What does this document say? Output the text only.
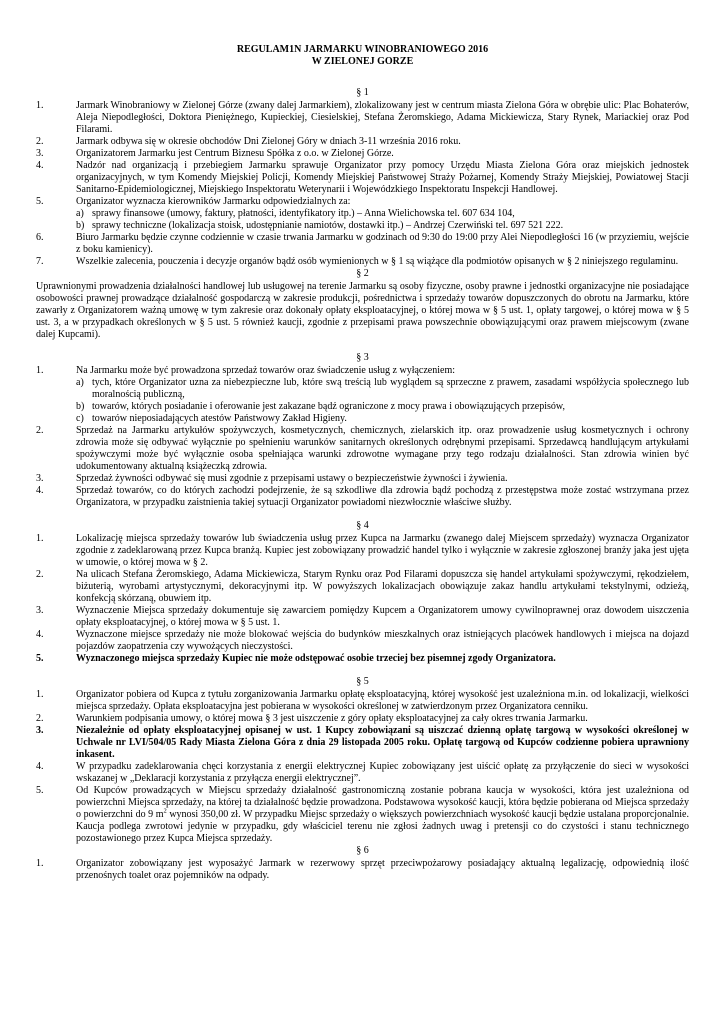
REGULAM1N JARMARKU WINOBRANIOWEGO 2016
W ZIELONEJ GORZE
§ 1
1.	Jarmark Winobraniowy w Zielonej Górze (zwany dalej Jarmarkiem), zlokalizowany jest w centrum miasta Zielona Góra w obrębie ulic: Plac Bohaterów, Aleja Niepodległości, Doktora Pieniężnego, Kupieckiej, Ciesielskiej, Stefana Żeromskiego, Adama Mickiewicza, Stary Rynek, Mariackiej oraz Pod Filarami.
2.	Jarmark odbywa się w okresie obchodów Dni Zielonej Góry w dniach 3-11 września 2016 roku.
3.	Organizatorem Jarmarku jest Centrum Biznesu Spółka z o.o. w Zielonej Górze.
4.	Nadzór nad organizacją i przebiegiem Jarmarku sprawuje Organizator przy pomocy Urzędu Miasta Zielona Góra oraz miejskich jednostek organizacyjnych, w tym Komendy Miejskiej Policji, Komendy Miejskiej Państwowej Straży Pożarnej, Komendy Straży Miejskiej, Powiatowej Stacji Sanitarno-Epidemiologicznej, Miejskiego Inspektoratu Weterynarii i Wojewódzkiego Inspektoratu Inspekcji Handlowej.
5.	Organizator wyznacza kierowników Jarmarku odpowiedzialnych za:
a) sprawy finansowe (umowy, faktury, płatności, identyfikatory itp.) – Anna Wielichowska tel. 607 634 104,
b) sprawy techniczne (lokalizacja stoisk, udostępnianie namiotów, dostawki itp.) – Andrzej Czerwiński tel. 697 521 222.
6.	Biuro Jarmarku będzie czynne codziennie w czasie trwania Jarmarku w godzinach od 9:30 do 19:00 przy Alei Niepodległości 16 (w przyziemiu, wejście z boku kamienicy).
7.	Wszelkie zalecenia, pouczenia i decyzje organów bądź osób wymienionych w § 1 są wiążące dla podmiotów opisanych w § 2 niniejszego regulaminu.
§ 2

Uprawnionymi prowadzenia działalności handlowej lub usługowej na terenie Jarmarku są osoby fizyczne, osoby prawne i jednostki organizacyjne nie posiadające osobowości prawnej prowadzące działalność gospodarczą w zakresie produkcji, pośrednictwa i sprzedaży towarów dopuszczonych do obrotu na Jarmarku, które zawarły z Organizatorem ważną umowę w tym zakresie oraz dokonały opłaty eksploatacyjnej, o której mowa w § 5 ust. 1, opłaty targowej, o której mowa w § 5 ust. 3, a w przypadkach określonych w § 5 ust. 5 również kaucji, zgodnie z przepisami prawa powszechnie obowiązującymi oraz prawem miejscowym (zwane dalej Kupcami).

§ 3
1.	Na Jarmarku może być prowadzona sprzedaż towarów oraz świadczenie usług z wyłączeniem:
a) tych, które Organizator uzna za niebezpieczne lub, które swą treścią lub wyglądem są sprzeczne z prawem, zasadami współżycia społecznego lub moralnością publiczną,
b) towarów, których posiadanie i oferowanie jest zakazane bądź ograniczone z mocy prawa i obowiązujących przepisów,
c) towarów nieposiadających atestów Państwowy Zakład Higieny.
2.	Sprzedaż na Jarmarku artykułów spożywczych, kosmetycznych, chemicznych, zielarskich itp. oraz prowadzenie usług kosmetycznych i ochrony zdrowia może się odbywać wyłącznie po spełnieniu warunków sanitarnych określonych odrębnymi przepisami. Sprzedawcą handlującym artykułami spożywczymi może być wyłącznie osoba spełniająca warunki zdrowotne wymagane przy tego rodzaju działalności. Stan zdrowia winien być udokumentowany aktualną książeczką zdrowia.
3.	Sprzedaż żywności odbywać się musi zgodnie z przepisami ustawy o bezpieczeństwie żywności i żywienia.
4.	Sprzedaż towarów, co do których zachodzi podejrzenie, że są szkodliwe dla zdrowia bądź pochodzą z przestępstwa może zostać wstrzymana przez Organizatora, w przypadku zaistnienia takiej sytuacji Organizator powiadomi niezwłocznie właściwe służby.
§ 4
1.	Lokalizację miejsca sprzedaży towarów lub świadczenia usług przez Kupca na Jarmarku (zwanego dalej Miejscem sprzedaży) wyznacza Organizator zgodnie z zadeklarowaną przez Kupca branżą. Kupiec jest zobowiązany prowadzić handel tylko i wyłącznie w zakresie zgłoszonej branży jaka jest ujęta w umowie, o której mowa w § 2.
2.	Na ulicach Stefana Żeromskiego, Adama Mickiewicza, Starym Rynku oraz Pod Filarami dopuszcza się handel artykułami spożywczymi, rękodziełem, biżuterią, wyrobami artystycznymi, dekoracyjnymi itp. W powyższych lokalizacjach obowiązuje zakaz handlu artykułami tekstylnymi, odzieżą, konfekcją skórzaną, obuwiem itp.
3.	Wyznaczenie Miejsca sprzedaży dokumentuje się zawarciem pomiędzy Kupcem a Organizatorem umowy cywilnoprawnej oraz dowodem uiszczenia opłaty eksploatacyjnej, o której mowa w § 5 ust. 1.
4.	Wyznaczone miejsce sprzedaży nie może blokować wejścia do budynków mieszkalnych oraz istniejących placówek handlowych i miejsca na dojazd pojazdów zaopatrzenia czy wywożących nieczystości.
5.	Wyznaczonego miejsca sprzedaży Kupiec nie może odstępować osobie trzeciej bez pisemnej zgody Organizatora.
§ 5
1.	Organizator pobiera od Kupca z tytułu zorganizowania Jarmarku opłatę eksploatacyjną, której wysokość jest uzależniona m.in. od lokalizacji, wielkości miejsca sprzedaży. Opłata eksploatacyjna jest pobierana w wysokości określonej w zatwierdzonym przez Organizatora cenniku.
2.	Warunkiem podpisania umowy, o której mowa § 3 jest uiszczenie z góry opłaty eksploatacyjnej za cały okres trwania Jarmarku.
3.	Niezależnie od opłaty eksploatacyjnej opisanej w ust. 1 Kupcy zobowiązani są uiszczać dzienną opłatę targową w wysokości określonej w Uchwale nr LVI/504/05 Rady Miasta Zielona Góra z dnia 29 listopada 2005 roku. Opłatę targową od Kupców codzienne pobiera uprawniony inkasent.
4.	W przypadku zadeklarowania chęci korzystania z energii elektrycznej Kupiec zobowiązany jest uiścić opłatę za przyłączenie do sieci w wysokości wskazanej w „Deklaracji korzystania z przyłącza energii elektrycznej”.
5.	Od Kupców prowadzących w Miejscu sprzedaży działalność gastronomiczną zostanie pobrana kaucja w wysokości, która jest uzależniona od powierzchni Miejsca sprzedaży, na której ta działalność będzie prowadzona. Podstawowa wysokość kaucji, która będzie pobierana od Miejsca sprzedaży o powierzchni do 9 $m^2$ wynosi 350,00 zł. W przypadku Miejsc sprzedaży o większych powierzchniach wysokość kaucji będzie ustalana proporcjonalnie. Kaucja podlega zwrotowi jedynie w przypadku, gdy właściciel terenu nie zgłosi żadnych uwag i pretensji co do czystości i stanu technicznego pozostawionego przez Kupca Miejsca sprzedaży.
§ 6
1.	Organizator zobowiązany jest wyposażyć Jarmark w rezerwowy sprzęt przeciwpożarowy posiadający aktualną legalizację, odpowiednią ilość przenośnych toalet oraz pojemników na odpady.
